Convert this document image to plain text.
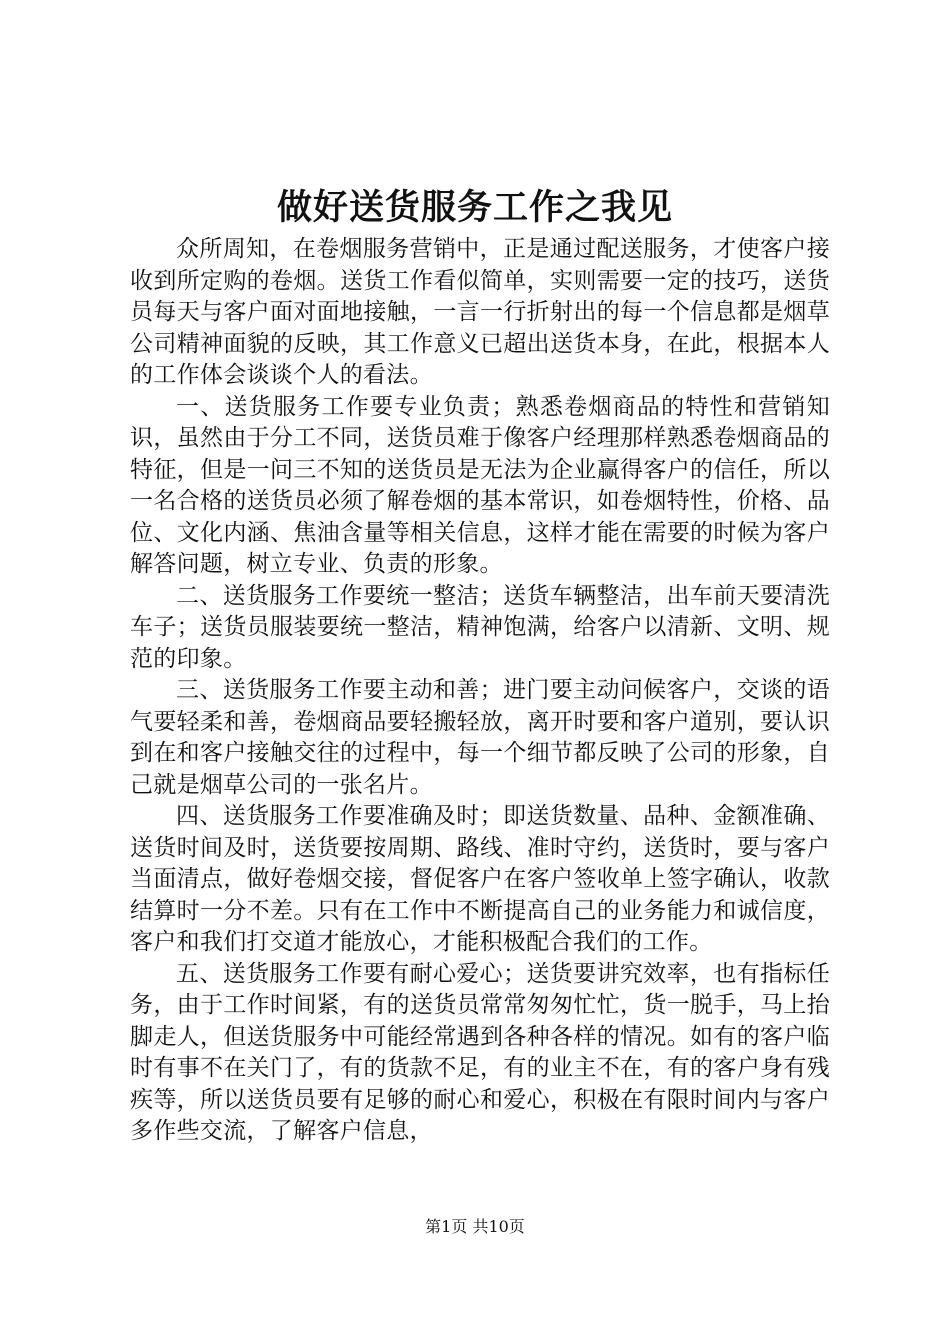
做好送货服务工作之我见

众所周知，在卷烟服务营销中，正是通过配送服务，才使客户接收到所定购的卷烟。送货工作看似简单，实则需要一定的技巧，送货员每天与客户面对面地接触，一言一行折射出的每一个信息都是烟草公司精神面貌的反映，其工作意义已超出送货本身，在此，根据本人的工作体会谈谈个人的看法。

一、送货服务工作要专业负责；熟悉卷烟商品的特性和营销知识，虽然由于分工不同，送货员难于像客户经理那样熟悉卷烟商品的特征，但是一问三不知的送货员是无法为企业赢得客户的信任，所以一名合格的送货员必须了解卷烟的基本常识，如卷烟特性，价格、品位、文化内涵、焦油含量等相关信息，这样才能在需要的时候为客户解答问题，树立专业、负责的形象。

二、送货服务工作要统一整洁；送货车辆整洁，出车前天要清洗车子；送货员服装要统一整洁，精神饱满，给客户以清新、文明、规范的印象。

三、送货服务工作要主动和善；进门要主动问候客户，交谈的语气要轻柔和善，卷烟商品要轻搬轻放，离开时要和客户道别，要认识到在和客户接触交往的过程中，每一个细节都反映了公司的形象，自己就是烟草公司的一张名片。

四、送货服务工作要准确及时；即送货数量、品种、金额准确、送货时间及时，送货要按周期、路线、准时守约，送货时，要与客户当面清点，做好卷烟交接，督促客户在客户签收单上签字确认，收款结算时一分不差。只有在工作中不断提高自己的业务能力和诚信度，客户和我们打交道才能放心，才能积极配合我们的工作。

五、送货服务工作要有耐心爱心；送货要讲究效率，也有指标任务，由于工作时间紧，有的送货员常常匆匆忙忙，货一脱手，马上抬脚走人，但送货服务中可能经常遇到各种各样的情况。如有的客户临时有事不在关门了，有的货款不足，有的业主不在，有的客户身有残疾等，所以送货员要有足够的耐心和爱心，积极在有限时间内与客户多作些交流，了解客户信息，

第1页 共10页
